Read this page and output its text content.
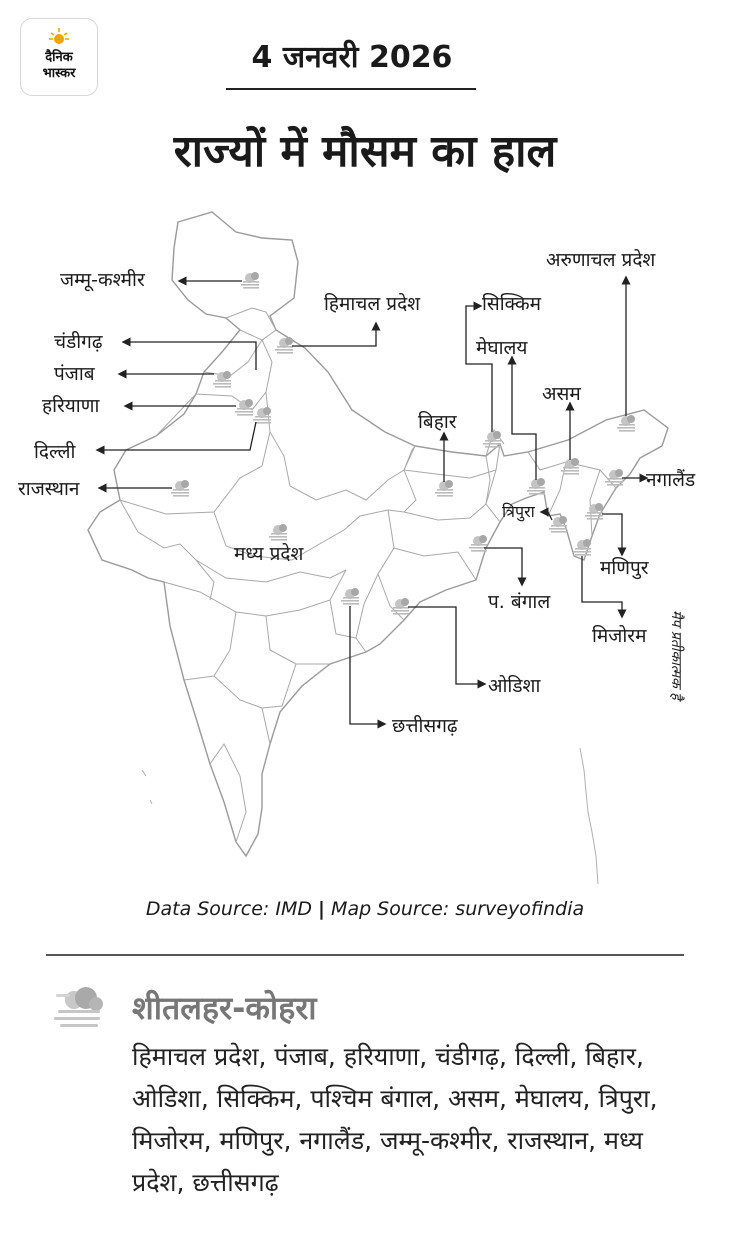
दैनिक
भास्कर	4 जनवरी 2026
राज्यों में मौसम का हाल
जम्मू-कश्मीर
हिमाचल प्रदेश	सिक्किम
अरुणाचल प्रदेश
चंडीगढ़
पंजाब
हरियाणा
दिल्ली
राजस्थान
मेघालय
असम
बिहार
नगालैंड
त्रिपुरा
मध्य प्रदेश
मणिपुर
प. बंगाल
मिजोरम
ओडिशा
छत्तीसगढ़
मैप प्रतीकात्मक है
Data Source: IMD | Map Source: surveyofindia
शीतलहर-कोहरा
हिमाचल प्रदेश, पंजाब, हरियाणा, चंडीगढ़, दिल्ली, बिहार, ओडिशा, सिक्किम, पश्चिम बंगाल, असम, मेघालय, त्रिपुरा, मिजोरम, मणिपुर, नगालैंड, जम्मू-कश्मीर, राजस्थान, मध्य प्रदेश, छत्तीसगढ़
